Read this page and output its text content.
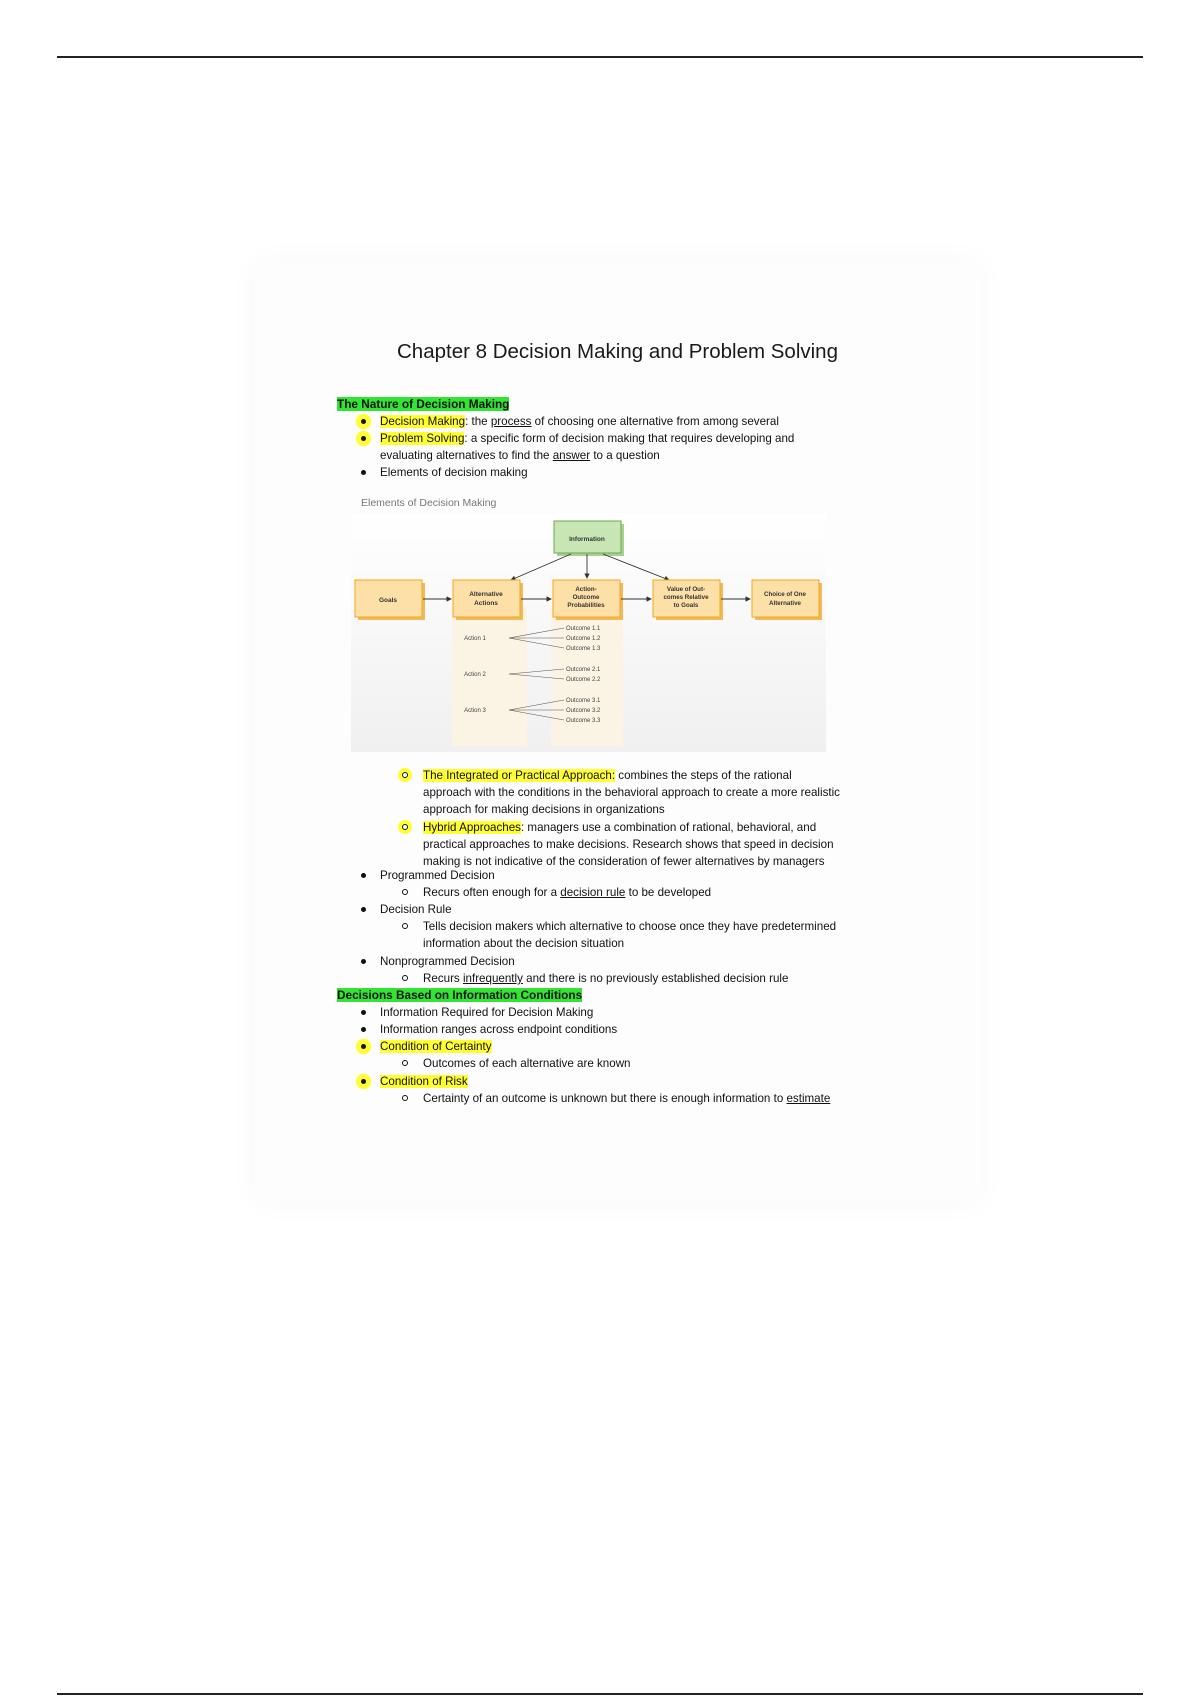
Chapter 8 Decision Making and Problem Solving
The Nature of Decision Making
Decision Making: the process of choosing one alternative from among several
Problem Solving: a specific form of decision making that requires developing and
evaluating alternatives to find the answer to a question
Elements of decision making
Elements of Decision Making
Information
Goals
Alternative
Actions
Action-
Outcome
Probabilities
Value of Out-
comes Relative
to Goals
Choice of One
Alternative
Action 1
Action 2
Action 3
Outcome 1.1
Outcome 1.2
Outcome 1.3
Outcome 2.1
Outcome 2.2
Outcome 3.1
Outcome 3.2
Outcome 3.3
The Integrated or Practical Approach: combines the steps of the rational
approach with the conditions in the behavioral approach to create a more realistic
approach for making decisions in organizations
Hybrid Approaches: managers use a combination of rational, behavioral, and
practical approaches to make decisions. Research shows that speed in decision
making is not indicative of the consideration of fewer alternatives by managers
Programmed Decision
Recurs often enough for a decision rule to be developed
Decision Rule
Tells decision makers which alternative to choose once they have predetermined
information about the decision situation
Nonprogrammed Decision
Recurs infrequently and there is no previously established decision rule
Decisions Based on Information Conditions
Information Required for Decision Making
Information ranges across endpoint conditions
Condition of Certainty
Outcomes of each alternative are known
Condition of Risk
Certainty of an outcome is unknown but there is enough information to estimate
